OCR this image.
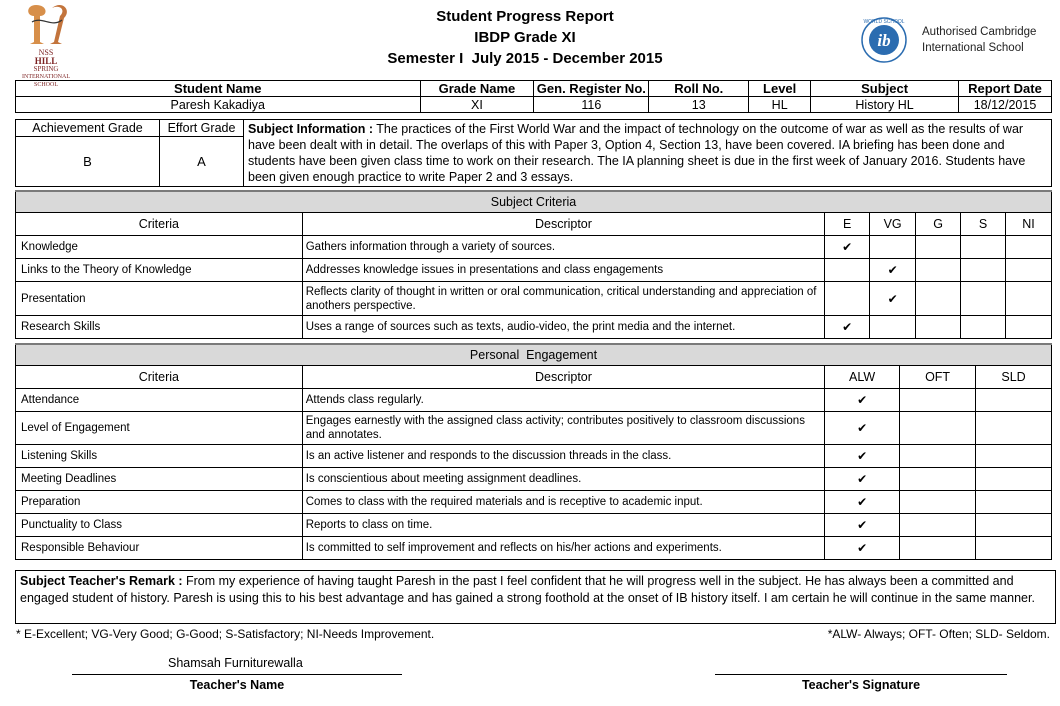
NSS
HILL
SPRING
INTERNATIONAL
SCHOOL
Student Progress Report
IBDP Grade XI
Semester I  July 2015 - December 2015
ib
WORLD SCHOOL
Authorised Cambridge
International School
Student Name	Grade Name	Gen. Register No.	Roll No.	Level	Subject	Report Date
Paresh Kakadiya	XI	116	13	HL	History HL	18/12/2015
Achievement Grade	Effort Grade	Subject Information : The practices of the First World War and the impact of technology on the outcome of war as well as the results of war have been dealt with in detail. The overlaps of this with Paper 3, Option 4, Section 13, have been covered. IA briefing has been done and students have been given class time to work on their research. The IA planning sheet is due in the first week of January 2016. Students have been given enough practice to write Paper 2 and 3 essays.
B	A	
Subject Criteria						
Criteria	Descriptor	E	VG	G	S	NI
Knowledge	Gathers information through a variety of sources.	✔				
Links to the Theory of Knowledge	Addresses knowledge issues in presentations and class engagements		✔			
Presentation	Reflects clarity of thought in written or oral communication, critical understanding and appreciation of anothers perspective.		✔			
Research Skills	Uses a range of sources such as texts, audio-video, the print media and the internet.	✔				
Personal  Engagement				
Criteria	Descriptor	ALW	OFT	SLD
Attendance	Attends class regularly.	✔		
Level of Engagement	Engages earnestly with the assigned class activity; contributes positively to classroom discussions and annotates.	✔		
Listening Skills	Is an active listener and responds to the discussion threads in the class.	✔		
Meeting Deadlines	Is conscientious about meeting assignment deadlines.	✔		
Preparation	Comes to class with the required materials and is receptive to academic input.	✔		
Punctuality to Class	Reports to class on time.	✔		
Responsible Behaviour	Is committed to self improvement and reflects on his/her actions and experiments.	✔		
Subject Teacher's Remark : From my experience of having taught Paresh in the past I feel confident that he will progress well in the subject. He has always been a committed and engaged student of history. Paresh is using this to his best advantage and has gained a strong foothold at the onset of IB history itself. I am certain he will continue in the same manner.
* E-Excellent; VG-Very Good; G-Good; S-Satisfactory; NI-Needs Improvement.	*ALW- Always; OFT- Often; SLD- Seldom.
Shamsah Furniturewalla
Teacher's Name	Teacher's Signature
